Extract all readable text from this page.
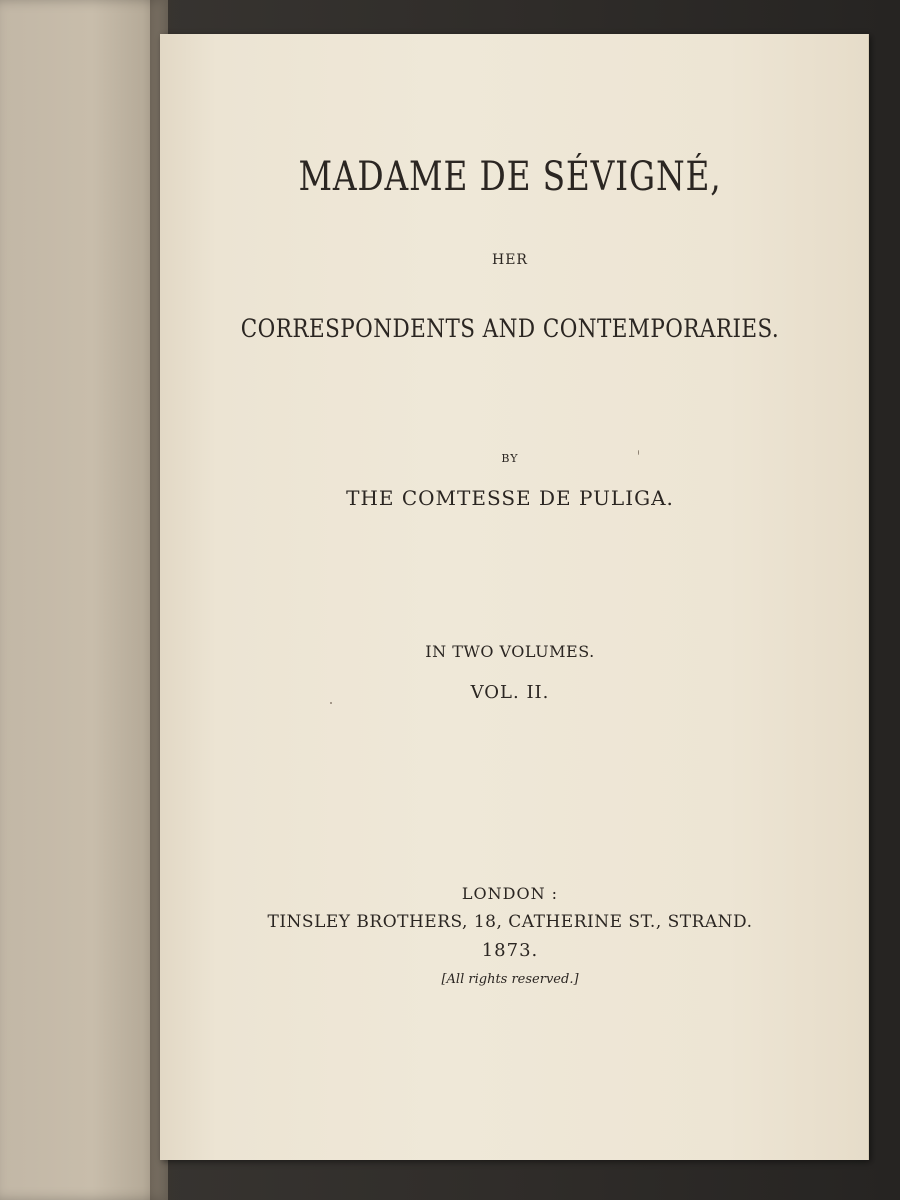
MADAME DE SÉVIGNÉ,
HER
CORRESPONDENTS AND CONTEMPORARIES.
BY
THE COMTESSE DE PULIGA.
IN TWO VOLUMES.
VOL. II.
LONDON :
TINSLEY BROTHERS, 18, CATHERINE ST., STRAND.
1873.
[All rights reserved.]
